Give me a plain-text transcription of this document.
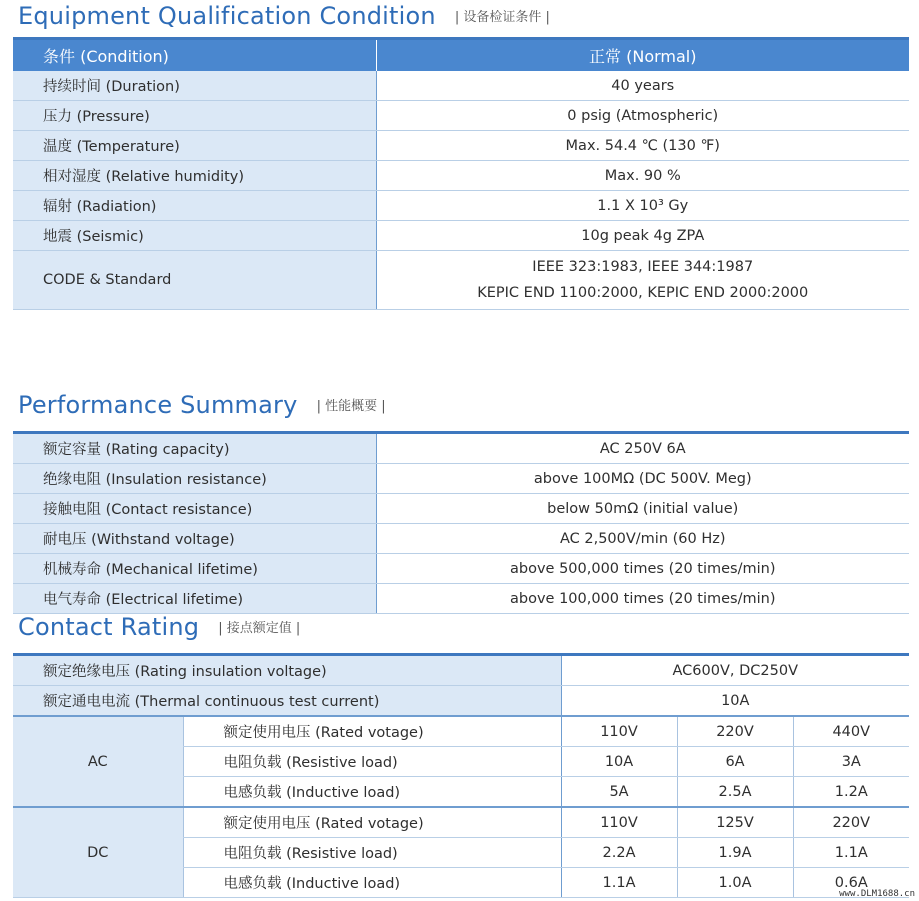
Equipment Qualification Condition | 设备检证条件 |
条件 (Condition)	正常 (Normal)
持续时间 (Duration)	40 years
压力 (Pressure)	0 psig (Atmospheric)
温度 (Temperature)	Max. 54.4 ℃ (130 ℉)
相对湿度 (Relative humidity)	Max. 90 %
辐射 (Radiation)	1.1 X 10³ Gy
地震 (Seismic)	10g peak 4g ZPA
CODE & Standard	IEEE 323:1983, IEEE 344:1987
KEPIC END 1100:2000, KEPIC END 2000:2000
Performance Summary | 性能概要 |
额定容量 (Rating capacity)	AC 250V 6A
绝缘电阻 (Insulation resistance)	above 100MΩ (DC 500V. Meg)
接触电阻 (Contact resistance)	below 50mΩ (initial value)
耐电压 (Withstand voltage)	AC 2,500V/min (60 Hz)
机械寿命 (Mechanical lifetime)	above 500,000 times (20 times/min)
电气寿命 (Electrical lifetime)	above 100,000 times (20 times/min)
Contact Rating | 接点额定值 |
额定绝缘电压 (Rating insulation voltage)		AC600V, DC250V		
额定通电电流 (Thermal continuous test current)		10A		
AC	额定使用电压 (Rated votage)	110V	220V	440V
	电阻负载 (Resistive load)	10A	6A	3A
	电感负载 (Inductive load)	5A	2.5A	1.2A
DC	额定使用电压 (Rated votage)	110V	125V	220V
	电阻负载 (Resistive load)	2.2A	1.9A	1.1A
	电感负载 (Inductive load)	1.1A	1.0A	0.6A
www.DLM1688.cn
